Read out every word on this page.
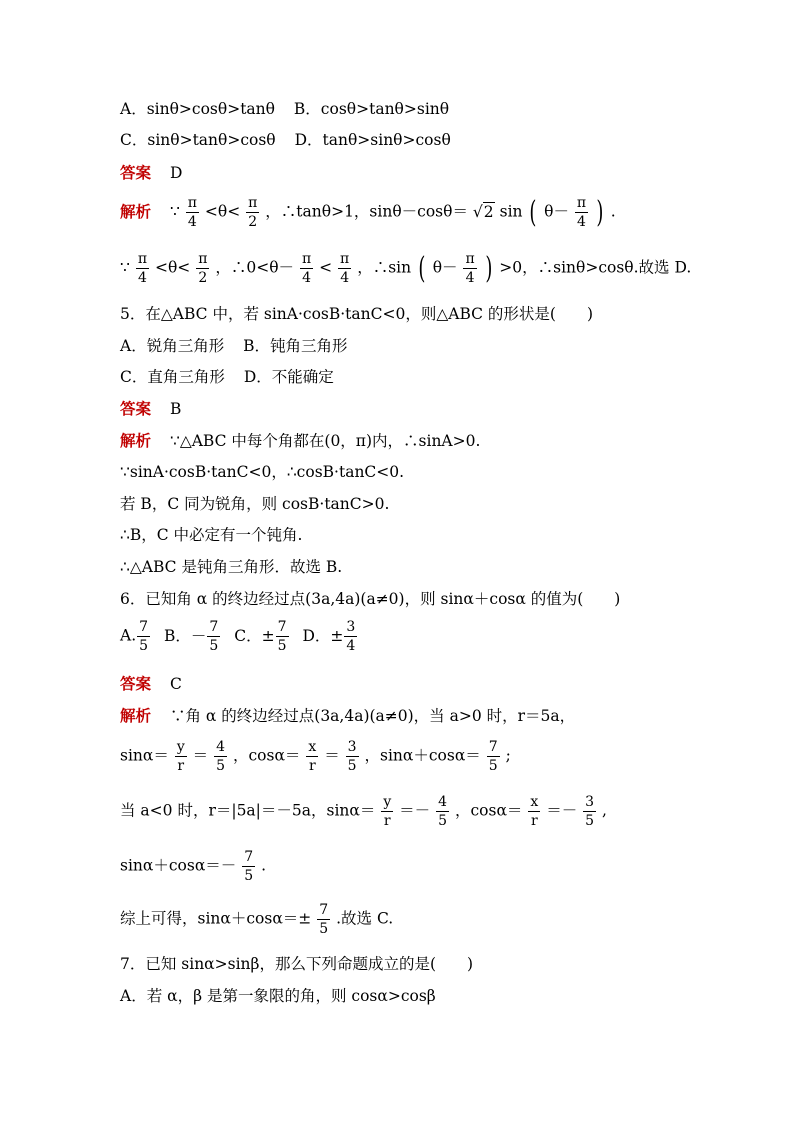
A．sinθ>cosθ>tanθ B．cosθ>tanθ>sinθ
C．sinθ>tanθ>cosθ D．tanθ>sinθ>cosθ
答案 D
解析 ∵ $\frac{\pi}{4} <\theta< \frac{\pi}{2}$ ，∴tanθ>1，sinθ－cosθ＝ √2 sin ( $\theta- \frac{\pi}{4}$ ) .
∵ $\frac{\pi}{4} <\theta< \frac{\pi}{2}$ ，∴0<θ－ $\frac{\pi}{4} < \frac{\pi}{4}$ ，∴sin ( $\theta- \frac{\pi}{4}$ ) >0，∴sinθ>cosθ.故选 D.
5．在△ABC 中，若 sinA·cosB·tanC<0，则△ABC 的形状是(　　)
A．锐角三角形 B．钝角三角形
C．直角三角形 D．不能确定
答案 B
解析 ∵△ABC 中每个角都在(0，π)内，∴sinA>0.
∵sinA·cosB·tanC<0，∴cosB·tanC<0.
若 B，C 同为锐角，则 cosB·tanC>0.
∴B，C 中必定有一个钝角.
∴△ABC 是钝角三角形．故选 B.
6．已知角 α 的终边经过点(3a,4a)(a≠0)，则 sinα＋cosα 的值为(　　)
A. $\frac{7}{5}$ B．－ $\frac{7}{5}$ C．± $\frac{7}{5}$ D．± $\frac{3}{4}$
答案 C
解析 ∵角 α 的终边经过点(3a,4a)(a≠0)，当 a>0 时，r＝5a，
$\sin\alpha= \frac{y}{r} = \frac{4}{5}$ ，$\cos\alpha= \frac{x}{r} = \frac{3}{5}$ ，$\sin\alpha+\cos\alpha= \frac{7}{5}$ ;
当 a<0 时，r＝|5a|＝－5a，$\sin\alpha= \frac{y}{r} =- \frac{4}{5}$ ，$\cos\alpha= \frac{x}{r} =- \frac{3}{5}$ ,
$\sin\alpha+\cos\alpha=- \frac{7}{5}$ .
综上可得，$\sin\alpha+\cos\alpha=\pm \frac{7}{5}$ .故选 C.
7．已知 sinα>sinβ，那么下列命题成立的是(　　)
A．若 α，β 是第一象限的角，则 cosα>cosβ
